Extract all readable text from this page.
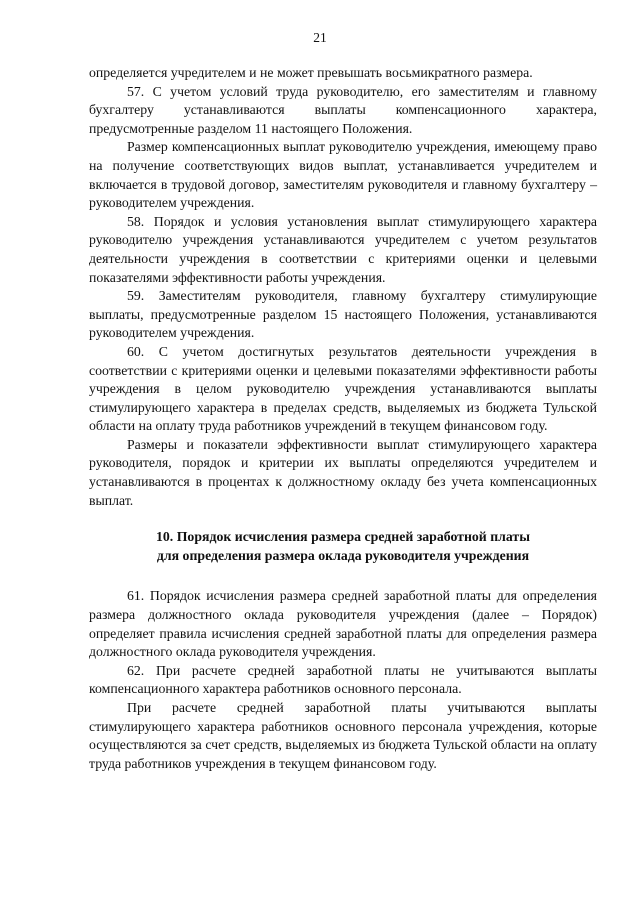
21

определяется учредителем и не может превышать восьмикратного размера.

57. С учетом условий труда руководителю, его заместителям и главному бухгалтеру устанавливаются выплаты компенсационного характера, предусмотренные разделом 11 настоящего Положения.

Размер компенсационных выплат руководителю учреждения, имеющему право на получение соответствующих видов выплат, устанавливается учредителем и включается в трудовой договор, заместителям руководителя и главному бухгалтеру – руководителем учреждения.

58. Порядок и условия установления выплат стимулирующего характера руководителю учреждения устанавливаются учредителем с учетом результатов деятельности учреждения в соответствии с критериями оценки и целевыми показателями эффективности работы учреждения.

59. Заместителям руководителя, главному бухгалтеру стимулирующие выплаты, предусмотренные разделом 15 настоящего Положения, устанавливаются руководителем учреждения.

60. С учетом достигнутых результатов деятельности учреждения в соответствии с критериями оценки и целевыми показателями эффективности работы учреждения в целом руководителю учреждения устанавливаются выплаты стимулирующего характера в пределах средств, выделяемых из бюджета Тульской области на оплату труда работников учреждений в текущем финансовом году.

Размеры и показатели эффективности выплат стимулирующего характера руководителя, порядок и критерии их выплаты определяются учредителем и устанавливаются в процентах к должностному окладу без учета компенсационных выплат.

10. Порядок исчисления размера средней заработной платы
для определения размера оклада руководителя учреждения

61. Порядок исчисления размера средней заработной платы для определения размера должностного оклада руководителя учреждения (далее – Порядок) определяет правила исчисления средней заработной платы для определения размера должностного оклада руководителя учреждения.

62. При расчете средней заработной платы не учитываются выплаты компенсационного характера работников основного персонала.

При расчете средней заработной платы учитываются выплаты стимулирующего характера работников основного персонала учреждения, которые осуществляются за счет средств, выделяемых из бюджета Тульской области на оплату труда работников учреждения в текущем финансовом году.
